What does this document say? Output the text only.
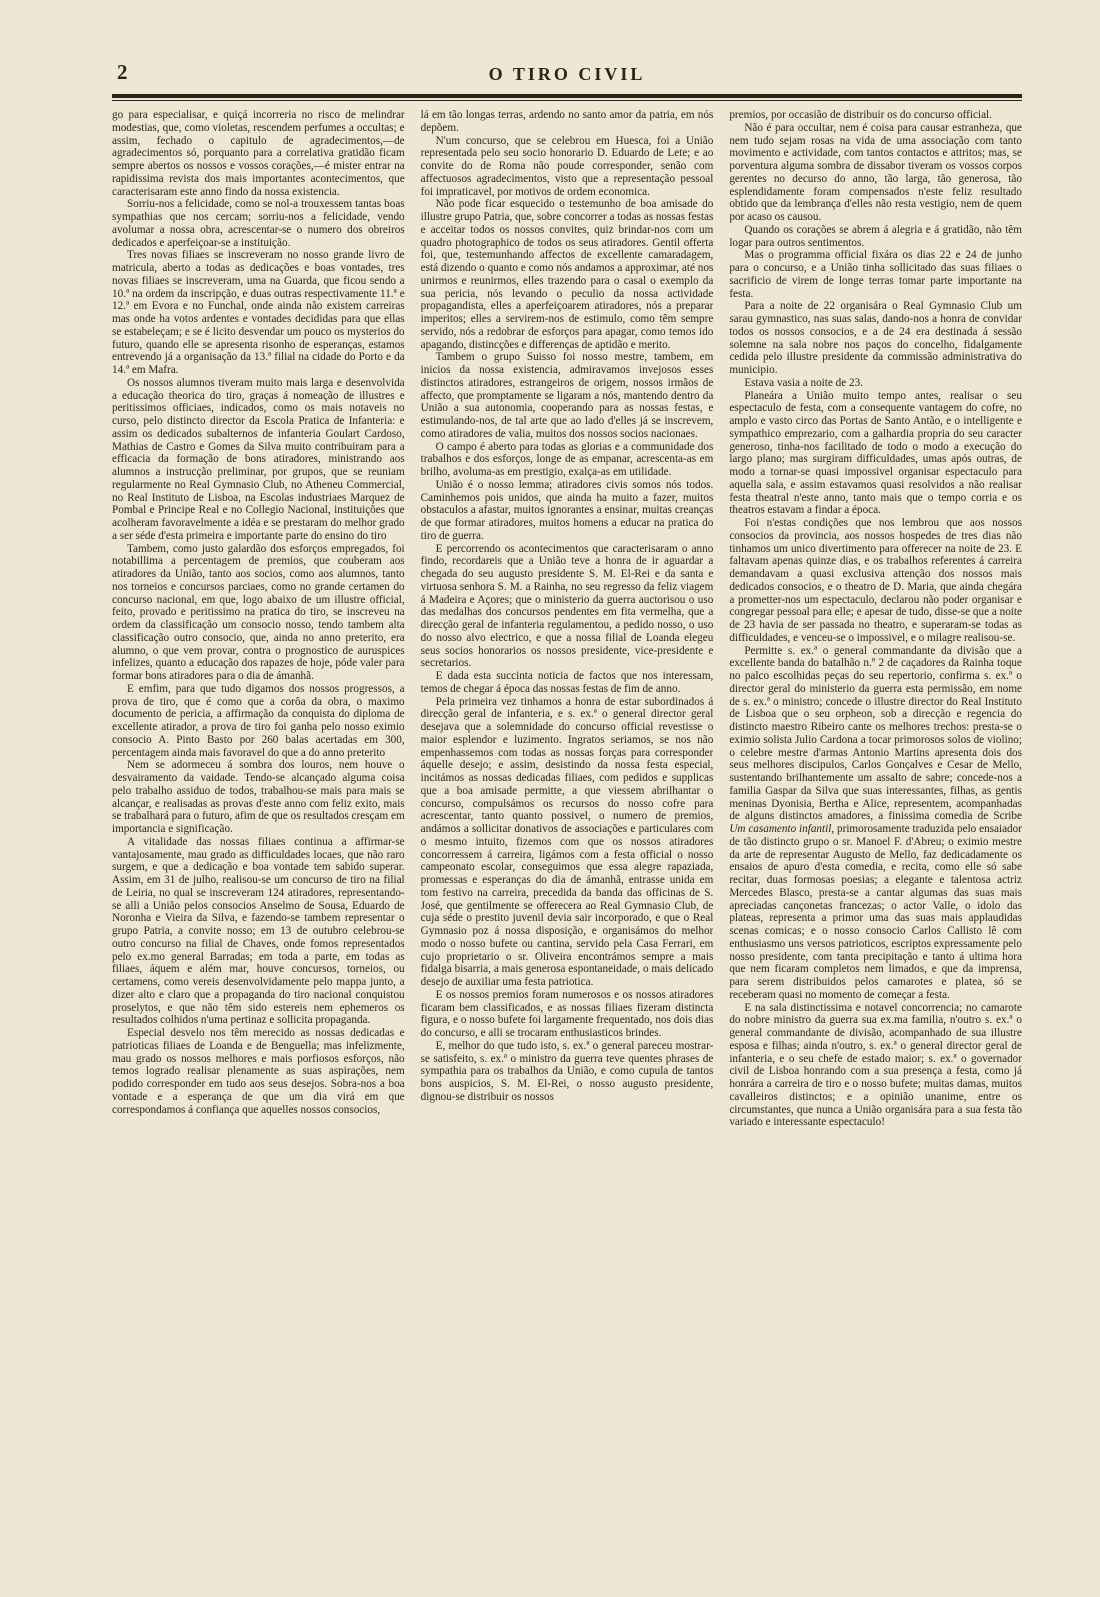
2	O TIRO CIVIL

go para especialisar, e quiçá incorreria no risco de melindrar modestias, que, como violetas, rescendem perfumes a occultas; e assim, fechado o capitulo de agradecimentos,—de agradecimentos só, porquanto para a correlativa gratidão ficam sempre abertos os nossos e vossos corações,—é mister entrar na rapidissima revista dos mais importantes acontecimentos, que caracterisaram este anno findo da nossa existencia.

Sorriu-nos a felicidade, como se nol-a trouxessem tantas boas sympathias que nos cercam; sorriu-nos a felicidade, vendo avolumar a nossa obra, acrescentar-se o numero dos obreiros dedicados e aperfeiçoar-se a instituição.

Tres novas filiaes se inscreveram no nosso grande livro de matricula, aberto a todas as dedicações e boas vontades, tres novas filiaes se inscreveram, uma na Guarda, que ficou sendo a 10.ª na ordem da inscripção, e duas outras respectivamente 11.ª e 12.ª em Evora e no Funchal, onde ainda não existem carreiras mas onde ha votos ardentes e vontades decididas para que ellas se estabeleçam; e se é licito desvendar um pouco os mysterios do futuro, quando elle se apresenta risonho de esperanças, estamos entrevendo já a organisação da 13.ª filial na cidade do Porto e da 14.ª em Mafra.

Os nossos alumnos tiveram muito mais larga e desenvolvida a educação theorica do tiro, graças á nomeação de illustres e peritissimos officiaes, indicados, como os mais notaveis no curso, pelo distincto director da Escola Pratica de Infanteria: e assim os dedicados subalternos de infanteria Goulart Cardoso, Mathias de Castro e Gomes da Silva muito contribuiram para a efficacia da formação de bons atiradores, ministrando aos alumnos a instrucção preliminar, por grupos, que se reuniam regularmente no Real Gymnasio Club, no Atheneu Commercial, no Real Instituto de Lisboa, na Escolas industriaes Marquez de Pombal e Principe Real e no Collegio Nacional, instituições que acolheram favoravelmente a idéa e se prestaram do melhor grado a ser séde d'esta primeira e importante parte do ensino do tiro

Tambem, como justo galardão dos esforços empregados, foi notabillima a percentagem de premios, que couberam aos atiradores da União, tanto aos socios, como aos alumnos, tanto nos torneios e concursos parciaes, como no grande certamen do concurso nacional, em que, logo abaixo de um illustre official, feito, provado e peritissimo na pratica do tiro, se inscreveu na ordem da classificação um consocio nosso, tendo tambem alta classificação outro consocio, que, ainda no anno preterito, era alumno, o que vem provar, contra o prognostico de auruspices infelizes, quanto a educação dos rapazes de hoje, póde valer para formar bons atiradores para o dia de ámanhã.

E emfim, para que tudo digamos dos nossos progressos, a prova de tiro, que é como que a corôa da obra, o maximo documento de pericia, a affirmação da conquista do diploma de excellente atirador, a prova de tiro foi ganha pelo nosso eximio consocio A. Pinto Basto por 260 balas acertadas em 300, percentagem ainda mais favoravel do que a do anno preterito

Nem se adormeceu á sombra dos louros, nem houve o desvairamento da vaidade. Tendo-se alcançado alguma coisa pelo trabalho assiduo de todos, trabalhou-se mais para mais se alcançar, e realisadas as provas d'este anno com feliz exito, mais se trabalhará para o futuro, afim de que os resultados cresçam em importancia e significação.

A vitalidade das nossas filiaes continua a affirmar-se vantajosamente, mau grado as difficuldades locaes, que não raro surgem, e que a dedicação e boa vontade tem sabido superar. Assim, em 31 de julho, realisou-se um concurso de tiro na filial de Leiria, no qual se inscreveram 124 atiradores, representando-se alli a União pelos consocios Anselmo de Sousa, Eduardo de Noronha e Vieira da Silva, e fazendo-se tambem representar o grupo Patria, a convite nosso; em 13 de outubro celebrou-se outro concurso na filial de Chaves, onde fomos representados pelo ex.mo general Barradas; em toda a parte, em todas as filiaes, áquem e além mar, houve concursos, torneios, ou certamens, como vereis desenvolvidamente pelo mappa junto, a dizer alto e claro que a propaganda do tiro nacional conquistou proselytos, e que não têm sido estereis nem ephemeros os resultados colhidos n'uma pertinaz e sollicita propaganda.

Especial desvelo nos têm merecido as nossas dedicadas e patrioticas filiaes de Loanda e de Benguella; mas infelizmente, mau grado os nossos melhores e mais porfiosos esforços, não temos logrado realisar plenamente as suas aspirações, nem podido corresponder em tudo aos seus desejos. Sobra-nos a boa vontade e a esperança de que um dia virá em que correspondamos á confiança que aquelles nossos consocios,

lá em tão longas terras, ardendo no santo amor da patria, em nós depõem.

N'um concurso, que se celebrou em Huesca, foi a União representada pelo seu socio honorario D. Eduardo de Lete; e ao convite do de Roma não poude corresponder, senão com affectuosos agradecimentos, visto que a representação pessoal foi impraticavel, por motivos de ordem economica.

Não pode ficar esquecido o testemunho de boa amisade do illustre grupo Patria, que, sobre concorrer a todas as nossas festas e acceitar todos os nossos convites, quiz brindar-nos com um quadro photographico de todos os seus atiradores. Gentil offerta foi, que, testemunhando affectos de excellente camaradagem, está dizendo o quanto e como nós andamos a approximar, até nos unirmos e reunirmos, elles trazendo para o casal o exemplo da sua pericia, nós levando o peculio da nossa actividade propagandista, elles a aperfeiçoarem atiradores, nós a preparar imperitos; elles a servirem-nos de estimulo, como têm sempre servido, nós a redobrar de esforços para apagar, como temos ido apagando, distincções e differenças de aptidão e merito.

Tambem o grupo Suisso foi nosso mestre, tambem, em inicios da nossa existencia, admiravamos invejosos esses distinctos atiradores, estrangeiros de origem, nossos irmãos de affecto, que promptamente se ligaram a nós, mantendo dentro da União a sua autonomia, cooperando para as nossas festas, e estimulando-nos, de tal arte que ao lado d'elles já se inscrevem, como atiradores de valia, muitos dos nossos socios nacionaes.

O campo é aberto para todas as glorias e a communidade dos trabalhos e dos esforços, longe de as empanar, acrescenta-as em brilho, avoluma-as em prestigio, exalça-as em utilidade.

União é o nosso lemma; atiradores civis somos nós todos. Caminhemos pois unidos, que ainda ha muito a fazer, muitos obstaculos a afastar, muitos ignorantes a ensinar, muitas creanças de que formar atiradores, muitos homens a educar na pratica do tiro de guerra.

E percorrendo os acontecimentos que caracterisaram o anno findo, recordareis que a União teve a honra de ir aguardar a chegada do seu augusto presidente S. M. El-Rei e da santa e virtuosa senhora S. M. a Rainha, no seu regresso da feliz viagem á Madeira e Açores; que o ministerio da guerra auctorisou o uso das medalhas dos concursos pendentes em fita vermelha, que a direcção geral de infanteria regulamentou, a pedido nosso, o uso do nosso alvo electrico, e que a nossa filial de Loanda elegeu seus socios honorarios os nossos presidente, vice-presidente e secretarios.

E dada esta succinta noticia de factos que nos interessam, temos de chegar á época das nossas festas de fim de anno.

Pela primeira vez tinhamos a honra de estar subordinados á direcção geral de infanteria, e s. ex.ª o general director geral desejava que a solemnidade do concurso official revestisse o maior esplendor e luzimento. Ingratos seriamos, se nos não empenhassemos com todas as nossas forças para corresponder áquelle desejo; e assim, desistindo da nossa festa especial, incitámos as nossas dedicadas filiaes, com pedidos e supplicas que a boa amisade permitte, a que viessem abrilhantar o concurso, compulsámos os recursos do nosso cofre para acrescentar, tanto quanto possivel, o numero de premios, andámos a sollicitar donativos de associações e particulares com o mesmo intuito, fizemos com que os nossos atiradores concorressem á carreira, ligámos com a festa official o nosso campeonato escolar, conseguimos que essa alegre rapaziada, promessas e esperanças do dia de ámanhã, entrasse unida em tom festivo na carreira, precedida da banda das officinas de S. José, que gentilmente se offerecera ao Real Gymnasio Club, de cuja séde o prestito juvenil devia sair incorporado, e que o Real Gymnasio poz á nossa disposição, e organisámos do melhor modo o nosso bufete ou cantina, servido pela Casa Ferrari, em cujo proprietario o sr. Oliveira encontrámos sempre a mais fidalga bisarria, a mais generosa espontaneidade, o mais delicado desejo de auxiliar uma festa patriotica.

E os nossos premios foram numerosos e os nossos atiradores ficaram bem classificados, e as nossas filiaes fizeram distincta figura, e o nosso bufete foi largamente frequentado, nos dois dias do concurso, e alli se trocaram enthusiasticos brindes.

E, melhor do que tudo isto, s. ex.ª o general pareceu mostrar-se satisfeito, s. ex.ª o ministro da guerra teve quentes phrases de sympathia para os trabalhos da União, e como cupula de tantos bons auspicios, S. M. El-Rei, o nosso augusto presidente, dignou-se distribuir os nossos

premios, por occasião de distribuir os do concurso official.

Não é para occultar, nem é coisa para causar estranheza, que nem tudo sejam rosas na vida de uma associação com tanto movimento e actividade, com tantos contactos e attritos; mas, se porventura alguma sombra de dissabor tiveram os vossos corpos gerentes no decurso do anno, tão larga, tão generosa, tão esplendidamente foram compensados n'este feliz resultado obtido que da lembrança d'elles não resta vestigio, nem de quem por acaso os causou.

Quando os corações se abrem á alegria e á gratidão, não têm logar para outros sentimentos.

Mas o programma official fixára os dias 22 e 24 de junho para o concurso, e a União tinha sollicitado das suas filiaes o sacrificio de virem de longe terras tomar parte importante na festa.

Para a noite de 22 organisára o Real Gymnasio Club um sarau gymnastico, nas suas salas, dando-nos a honra de convidar todos os nossos consocios, e a de 24 era destinada á sessão solemne na sala nobre nos paços do concelho, fidalgamente cedida pelo illustre presidente da commissão administrativa do municipio.

Estava vasia a noite de 23.

Planeára a União muito tempo antes, realisar o seu espectaculo de festa, com a consequente vantagem do cofre, no amplo e vasto circo das Portas de Santo Antão, e o intelligente e sympathico emprezario, com a galhardia propria do seu caracter generoso, tinha-nos facilitado de todo o modo a execução do largo plano; mas surgiram difficuldades, umas após outras, de modo a tornar-se quasi impossivel organisar espectaculo para aquella sala, e assim estavamos quasi resolvidos a não realisar festa theatral n'este anno, tanto mais que o tempo corria e os theatros estavam a findar a época.

Foi n'estas condições que nos lembrou que aos nossos consocios da provincia, aos nossos hospedes de tres dias não tinhamos um unico divertimento para offerecer na noite de 23. E faltavam apenas quinze dias, e os trabalhos referentes á carreira demandavam a quasi exclusiva attenção dos nossos mais dedicados consocios, e o theatro de D. Maria, que ainda chegára a prometter-nos um espectaculo, declarou não poder organisar e congregar pessoal para elle; e apesar de tudo, disse-se que a noite de 23 havia de ser passada no theatro, e superaram-se todas as difficuldades, e venceu-se o impossivel, e o milagre realisou-se.

Permitte s. ex.ª o general commandante da divisão que a excellente banda do batalhão n.º 2 de caçadores da Rainha toque no palco escolhidas peças do seu repertorio, confirma s. ex.ª o director geral do ministerio da guerra esta permissão, em nome de s. ex.ª o ministro; concede o illustre director do Real Instituto de Lisboa que o seu orpheon, sob a direcção e regencia do distincto maestro Ribeiro cante os melhores trechos: presta-se o eximio solista Julio Cardona a tocar primorosos solos de violino; o celebre mestre d'armas Antonio Martins apresenta dois dos seus melhores discipulos, Carlos Gonçalves e Cesar de Mello, sustentando brilhantemente um assalto de sabre; concede-nos a familia Gaspar da Silva que suas interessantes, filhas, as gentis meninas Dyonisia, Bertha e Alice, representem, acompanhadas de alguns distinctos amadores, a finissima comedia de Scribe Um casamento infantil, primorosamente traduzida pelo ensaiador de tão distincto grupo o sr. Manoel F. d'Abreu; o eximio mestre da arte de representar Augusto de Mello, faz dedicadamente os ensaios de apuro d'esta comedia, e recita, como elle só sabe recitar, duas formosas poesias; a elegante e talentosa actriz Mercedes Blasco, presta-se a cantar algumas das suas mais apreciadas cançonetas francezas; o actor Valle, o idolo das plateas, representa a primor uma das suas mais applaudidas scenas comicas; e o nosso consocio Carlos Callisto lê com enthusiasmo uns versos patrioticos, escriptos expressamente pelo nosso presidente, com tanta precipitação e tanto á ultima hora que nem ficaram completos nem limados, e que da imprensa, para serem distribuidos pelos camarotes e platea, só se receberam quasi no momento de começar a festa.

E na sala distinctissima e notavel concorrencia; no camarote do nobre ministro da guerra sua ex.ma familia, n'outro s. ex.ª o general commandante de divisão, acompanhado de sua illustre esposa e filhas; ainda n'outro, s. ex.ª o general director geral de infanteria, e o seu chefe de estado maior; s. ex.ª o governador civil de Lisboa honrando com a sua presença a festa, como já honrára a carreira de tiro e o nosso bufete; muitas damas, muitos cavalleiros distinctos; e a opinião unanime, entre os circumstantes, que nunca a União organisára para a sua festa tão variado e interessante espectaculo!
